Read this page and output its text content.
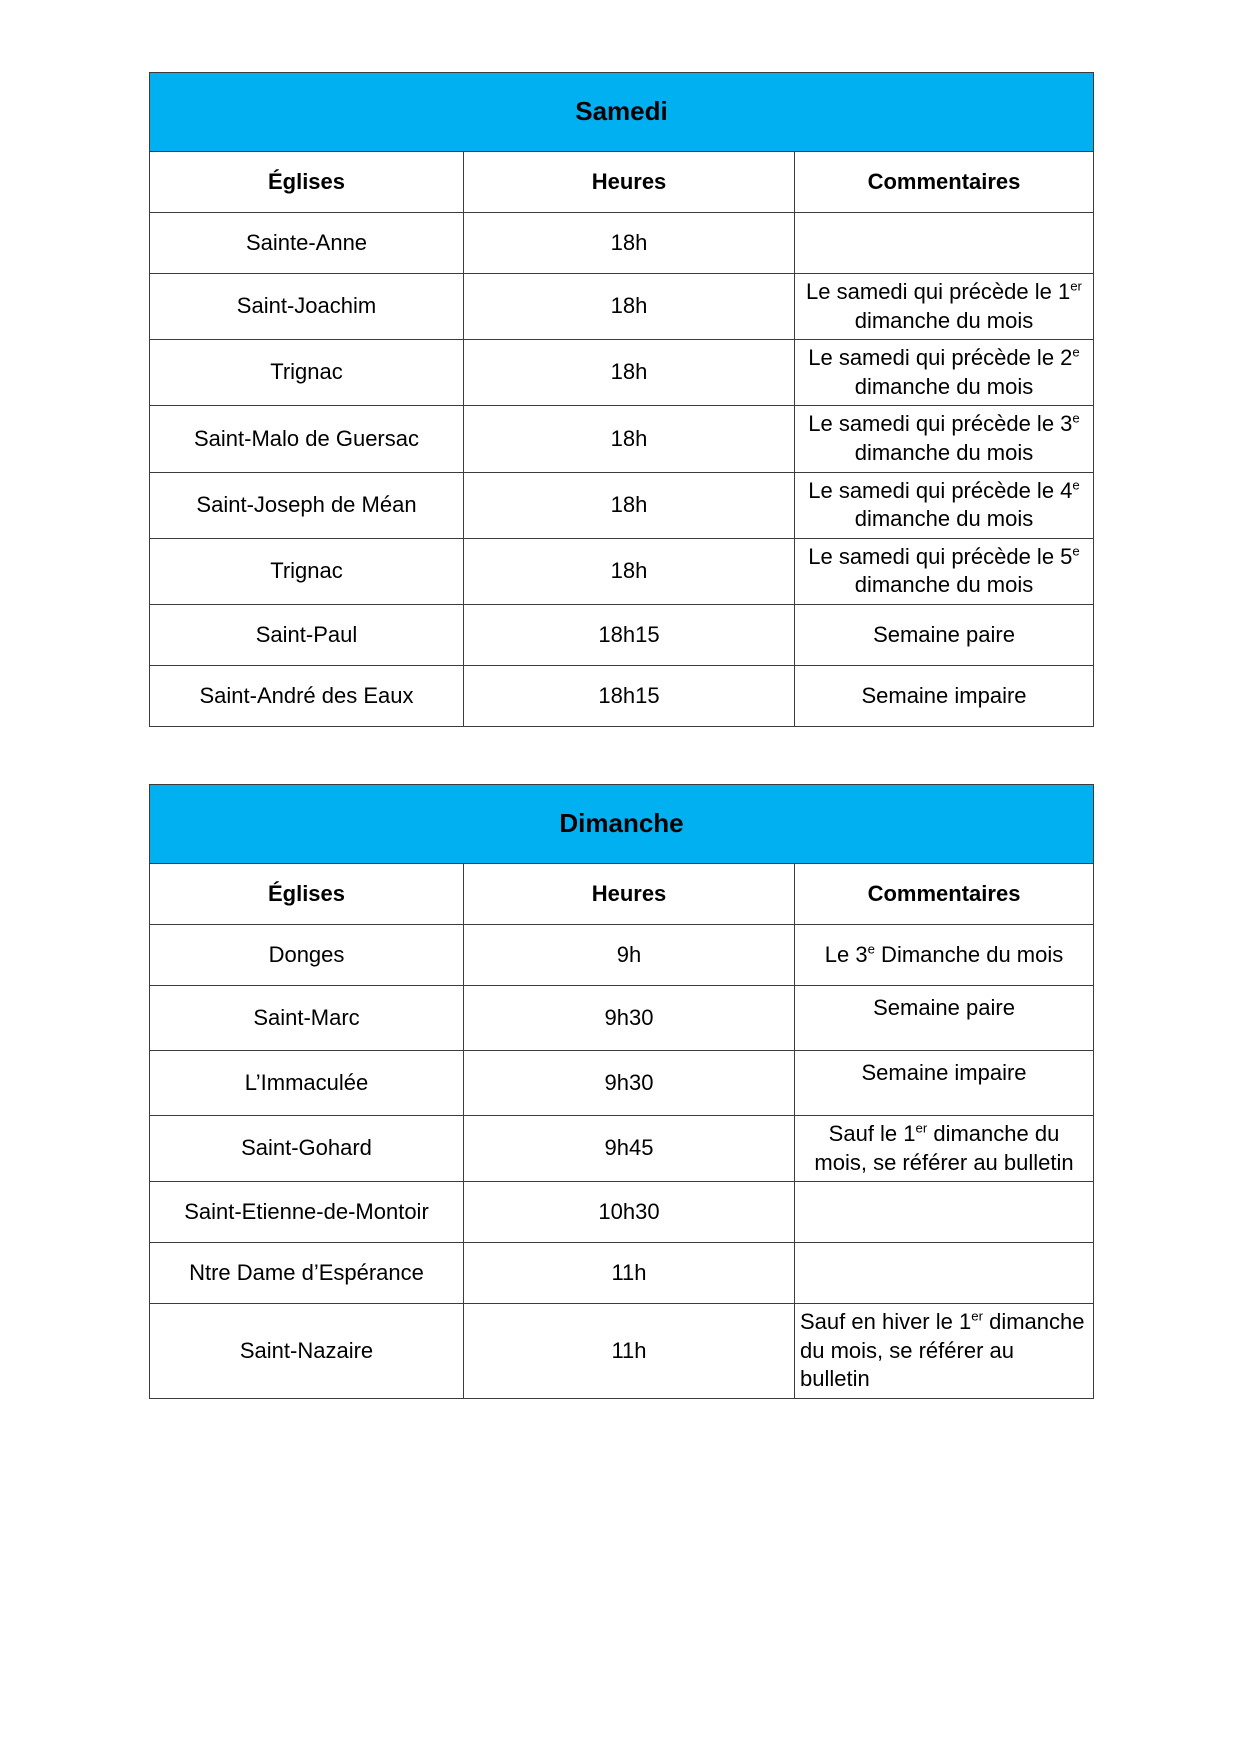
Samedi		
Églises	Heures	Commentaires
Sainte-Anne	18h	
Saint-Joachim	18h	Le samedi qui précède le 1er dimanche du mois
Trignac	18h	Le samedi qui précède le 2e dimanche du mois
Saint-Malo de Guersac	18h	Le samedi qui précède le 3e dimanche du mois
Saint-Joseph de Méan	18h	Le samedi qui précède le 4e dimanche du mois
Trignac	18h	Le samedi qui précède le 5e dimanche du mois
Saint-Paul	18h15	Semaine paire
Saint-André des Eaux	18h15	Semaine impaire
Dimanche		
Églises	Heures	Commentaires
Donges	9h	Le 3e Dimanche du mois
Saint-Marc	9h30	Semaine paire
L’Immaculée	9h30	Semaine impaire
Saint-Gohard	9h45	Sauf le 1er dimanche du mois, se référer au bulletin
Saint-Etienne-de-Montoir	10h30	
Ntre Dame d’Espérance	11h	
Saint-Nazaire	11h	Sauf en hiver le 1er dimanche du mois, se référer au bulletin
